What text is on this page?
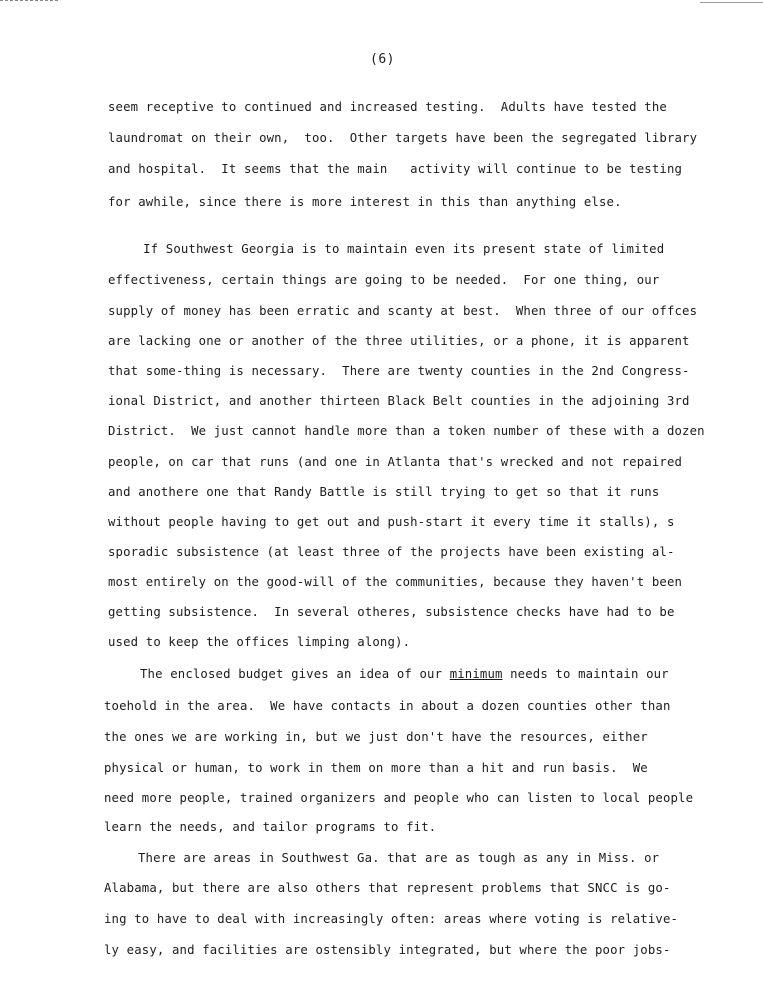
(6)
seem receptive to continued and increased testing.  Adults have tested the
laundromat on their own,  too.  Other targets have been the segregated library
and hospital.  It seems that the main   activity will continue to be testing
for awhile, since there is more interest in this than anything else.
If Southwest Georgia is to maintain even its present state of limited
effectiveness, certain things are going to be needed.  For one thing, our
supply of money has been erratic and scanty at best.  When three of our offces
are lacking one or another of the three utilities, or a phone, it is apparent
that some-thing is necessary.  There are twenty counties in the 2nd Congress-
ional District, and another thirteen Black Belt counties in the adjoining 3rd
District.  We just cannot handle more than a token number of these with a dozen
people, on car that runs (and one in Atlanta that's wrecked and not repaired
and anothere one that Randy Battle is still trying to get so that it runs
without people having to get out and push-start it every time it stalls), s
sporadic subsistence (at least three of the projects have been existing al-
most entirely on the good-will of the communities, because they haven't been
getting subsistence.  In several otheres, subsistence checks have had to be
used to keep the offices limping along).
The enclosed budget gives an idea of our minimum needs to maintain our
toehold in the area.  We have contacts in about a dozen counties other than
the ones we are working in, but we just don't have the resources, either
physical or human, to work in them on more than a hit and run basis.  We
need more people, trained organizers and people who can listen to local people
learn the needs, and tailor programs to fit.
There are areas in Southwest Ga. that are as tough as any in Miss. or
Alabama, but there are also others that represent problems that SNCC is go-
ing to have to deal with increasingly often: areas where voting is relative-
ly easy, and facilities are ostensibly integrated, but where the poor jobs-
